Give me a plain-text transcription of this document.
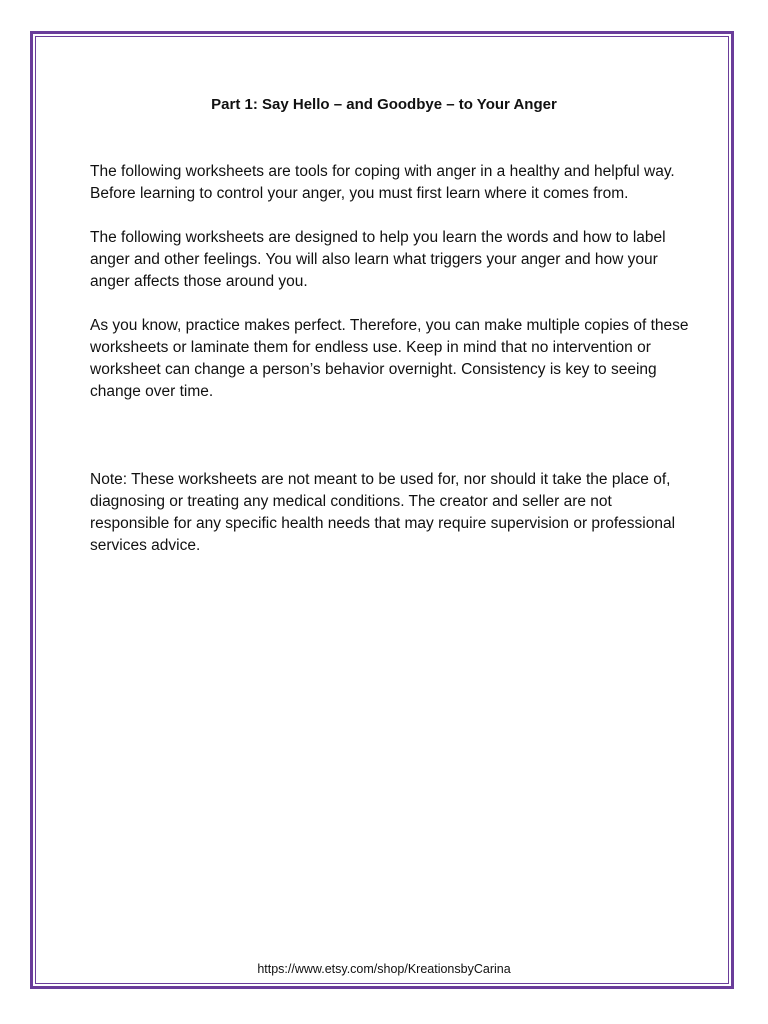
Part 1: Say Hello – and Goodbye – to Your Anger

The following worksheets are tools for coping with anger in a healthy and helpful way. Before learning to control your anger, you must first learn where it comes from.

The following worksheets are designed to help you learn the words and how to label anger and other feelings. You will also learn what triggers your anger and how your anger affects those around you.

As you know, practice makes perfect. Therefore, you can make multiple copies of these worksheets or laminate them for endless use. Keep in mind that no intervention or worksheet can change a person’s behavior overnight. Consistency is key to seeing change over time.

Note: These worksheets are not meant to be used for, nor should it take the place of, diagnosing or treating any medical conditions. The creator and seller are not responsible for any specific health needs that may require supervision or professional services advice.

https://www.etsy.com/shop/KreationsbyCarina
